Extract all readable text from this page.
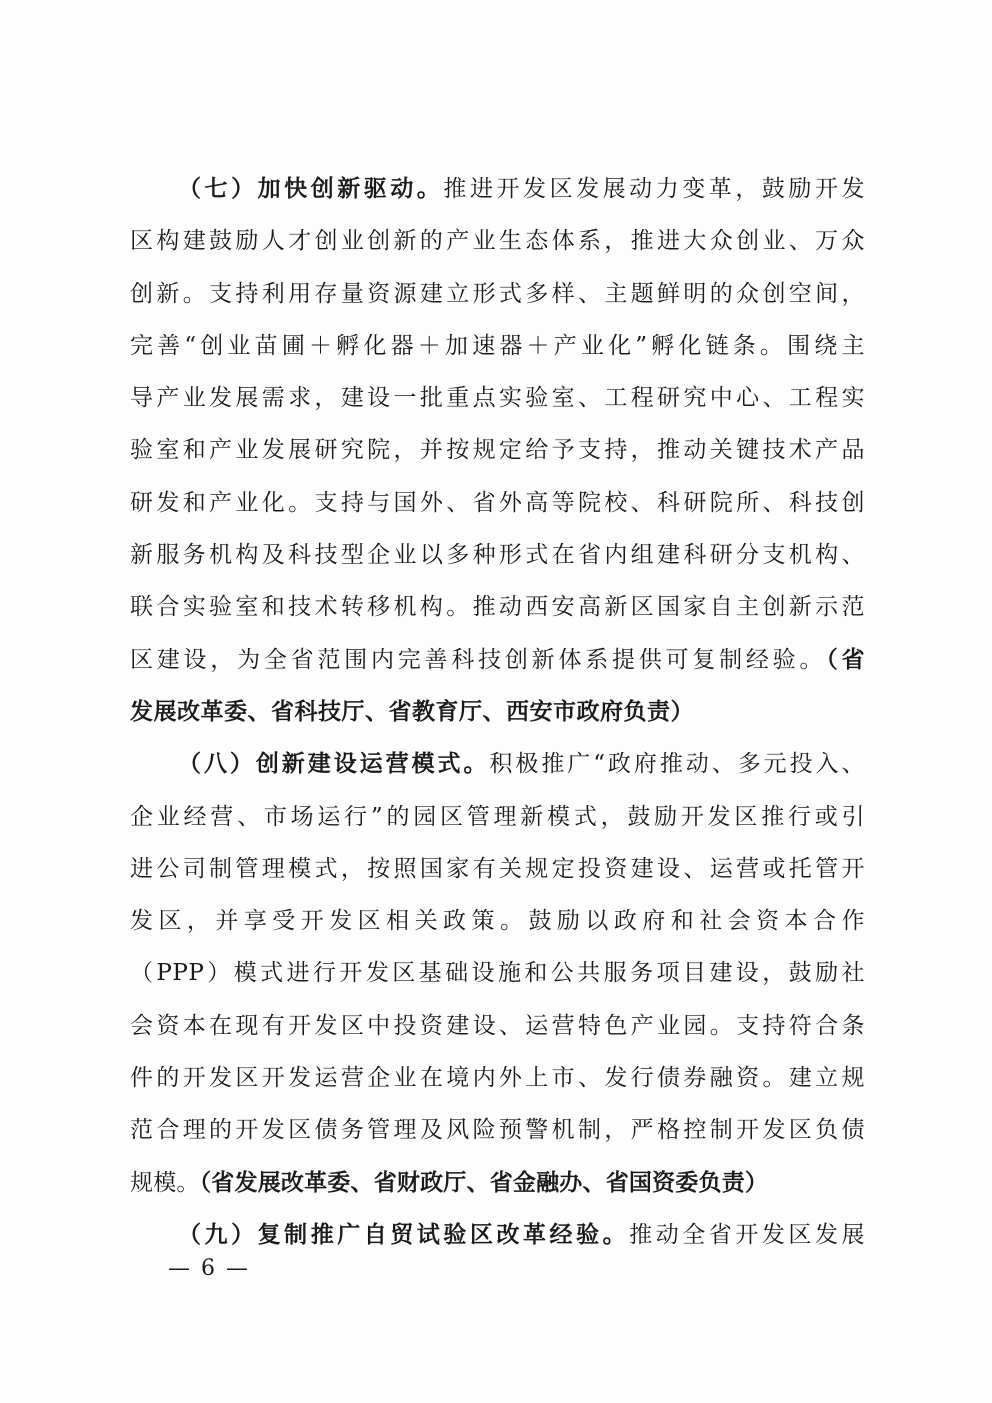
（七）加快创新驱动。推进开发区发展动力变革，鼓励开发
区构建鼓励人才创业创新的产业生态体系，推进大众创业、万众
创新。支持利用存量资源建立形式多样、主题鲜明的众创空间，
完善“创业苗圃＋孵化器＋加速器＋产业化”孵化链条。围绕主
导产业发展需求，建设一批重点实验室、工程研究中心、工程实
验室和产业发展研究院，并按规定给予支持，推动关键技术产品
研发和产业化。支持与国外、省外高等院校、科研院所、科技创
新服务机构及科技型企业以多种形式在省内组建科研分支机构、
联合实验室和技术转移机构。推动西安高新区国家自主创新示范
区建设，为全省范围内完善科技创新体系提供可复制经验。（省
发展改革委、省科技厅、省教育厅、西安市政府负责）
（八）创新建设运营模式。积极推广“政府推动、多元投入、
企业经营、市场运行”的园区管理新模式，鼓励开发区推行或引
进公司制管理模式，按照国家有关规定投资建设、运营或托管开
发区，并享受开发区相关政策。鼓励以政府和社会资本合作
（PPP）模式进行开发区基础设施和公共服务项目建设，鼓励社
会资本在现有开发区中投资建设、运营特色产业园。支持符合条
件的开发区开发运营企业在境内外上市、发行债券融资。建立规
范合理的开发区债务管理及风险预警机制，严格控制开发区负债
规模。（省发展改革委、省财政厅、省金融办、省国资委负责）
（九）复制推广自贸试验区改革经验。推动全省开发区发展
— 6 —
